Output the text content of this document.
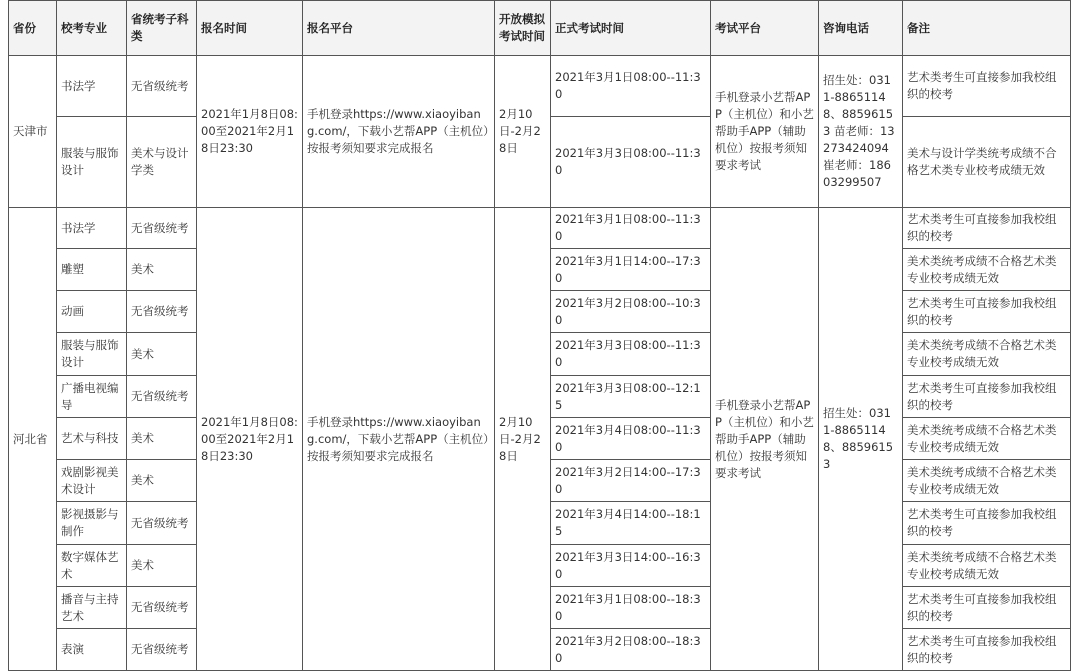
省份	校考专业	省统考子科类	报名时间	报名平台	开放模拟考试时间	正式考试时间	考试平台	咨询电话	备注
天津市	书法学	无省级统考	2021年1月8日08:00至2021年2月18日23:30	手机登录https://www.xiaoyibang.com/，下载小艺帮APP（主机位）按报考须知要求完成报名	2月10日-2月28日	2021年3月1日08:00--11:30	手机登录小艺帮APP（主机位）和小艺帮助手APP（辅助机位）按报考须知要求考试	招生处：0311-88651148、88596153 苗老师：13273424094 崔老师：18603299507	艺术类考生可直接参加我校组织的校考
	服装与服饰设计	美术与设计学类				2021年3月3日08:00--11:30			美术与设计学类统考成绩不合格艺术类专业校考成绩无效
河北省	书法学	无省级统考	2021年1月8日08:00至2021年2月18日23:30	手机登录https://www.xiaoyibang.com/，下载小艺帮APP（主机位）按报考须知要求完成报名	2月10日-2月28日	2021年3月1日08:00--11:30	手机登录小艺帮APP（主机位）和小艺帮助手APP（辅助机位）按报考须知要求考试	招生处：0311-88651148、88596153	艺术类考生可直接参加我校组织的校考
	雕塑	美术				2021年3月1日14:00--17:30			美术类统考成绩不合格艺术类专业校考成绩无效
	动画	无省级统考				2021年3月2日08:00--10:30			艺术类考生可直接参加我校组织的校考
	服装与服饰设计	美术				2021年3月3日08:00--11:30			美术类统考成绩不合格艺术类专业校考成绩无效
	广播电视编导	无省级统考				2021年3月3日08:00--12:15			艺术类考生可直接参加我校组织的校考
	艺术与科技	美术				2021年3月4日08:00--11:30			美术类统考成绩不合格艺术类专业校考成绩无效
	戏剧影视美术设计	美术				2021年3月2日14:00--17:30			美术类统考成绩不合格艺术类专业校考成绩无效
	影视摄影与制作	无省级统考				2021年3月4日14:00--18:15			艺术类考生可直接参加我校组织的校考
	数字媒体艺术	美术				2021年3月3日14:00--16:30			美术类统考成绩不合格艺术类专业校考成绩无效
	播音与主持艺术	无省级统考				2021年3月1日08:00--18:30			艺术类考生可直接参加我校组织的校考
	表演	无省级统考				2021年3月2日08:00--18:30			艺术类考生可直接参加我校组织的校考
